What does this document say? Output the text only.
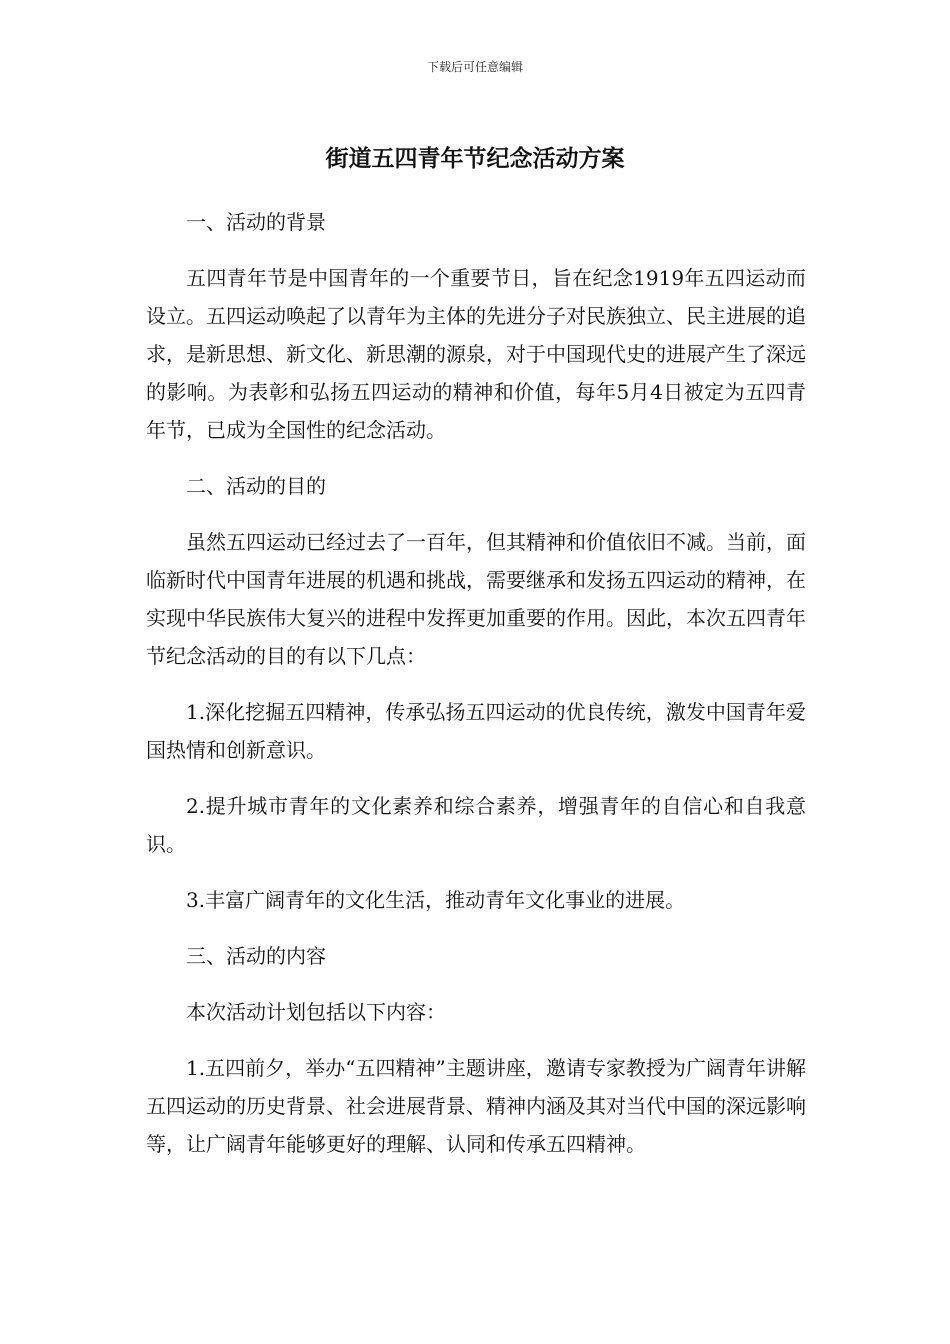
下载后可任意编辑
街道五四青年节纪念活动方案

一、活动的背景

五四青年节是中国青年的一个重要节日，旨在纪念1919年五四运动而设立。五四运动唤起了以青年为主体的先进分子对民族独立、民主进展的追求，是新思想、新文化、新思潮的源泉，对于中国现代史的进展产生了深远的影响。为表彰和弘扬五四运动的精神和价值，每年5月4日被定为五四青年节，已成为全国性的纪念活动。

二、活动的目的

虽然五四运动已经过去了一百年，但其精神和价值依旧不减。当前，面临新时代中国青年进展的机遇和挑战，需要继承和发扬五四运动的精神，在实现中华民族伟大复兴的进程中发挥更加重要的作用。因此，本次五四青年节纪念活动的目的有以下几点：

1.深化挖掘五四精神，传承弘扬五四运动的优良传统，激发中国青年爱国热情和创新意识。

2.提升城市青年的文化素养和综合素养，增强青年的自信心和自我意识。

3.丰富广阔青年的文化生活，推动青年文化事业的进展。

三、活动的内容

本次活动计划包括以下内容：

1.五四前夕，举办“五四精神”主题讲座，邀请专家教授为广阔青年讲解五四运动的历史背景、社会进展背景、精神内涵及其对当代中国的深远影响等，让广阔青年能够更好的理解、认同和传承五四精神。
